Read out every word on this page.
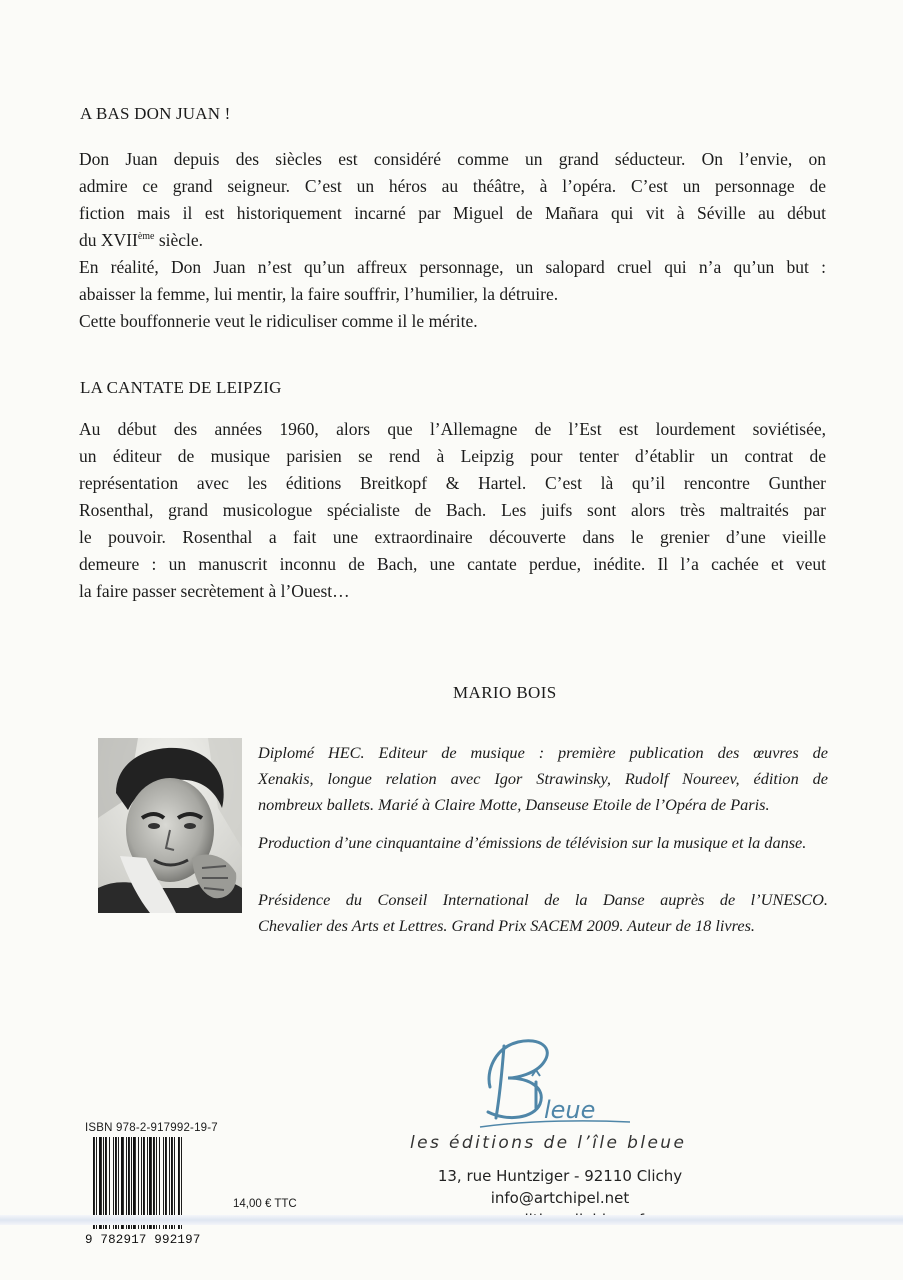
A BAS DON JUAN !
Don Juan depuis des siècles est considéré comme un grand séducteur. On l’envie, on
admire ce grand seigneur. C’est un héros au théâtre, à l’opéra. C’est un personnage de
fiction mais il est historiquement incarné par Miguel de Mañara qui vit à Séville au début
du XVIIème siècle.
En réalité, Don Juan n’est qu’un affreux personnage, un salopard cruel qui n’a qu’un but :
abaisser la femme, lui mentir, la faire souffrir, l’humilier, la détruire.
Cette bouffonnerie veut le ridiculiser comme il le mérite.
LA CANTATE DE LEIPZIG
Au début des années 1960, alors que l’Allemagne de l’Est est lourdement soviétisée,
un éditeur de musique parisien se rend à Leipzig pour tenter d’établir un contrat de
représentation avec les éditions Breitkopf & Hartel. C’est là qu’il rencontre Gunther
Rosenthal, grand musicologue spécialiste de Bach. Les juifs sont alors très maltraités par
le pouvoir. Rosenthal a fait une extraordinaire découverte dans le grenier d’une vieille
demeure : un manuscrit inconnu de Bach, une cantate perdue, inédite. Il l’a cachée et veut
la faire passer secrètement à l’Ouest…
MARIO BOIS
Diplomé HEC. Editeur de musique : première publication des œuvres de
Xenakis, longue relation avec Igor Strawinsky, Rudolf Noureev, édition de
nombreux ballets. Marié à Claire Motte, Danseuse Etoile de l’Opéra de Paris.
Production d’une cinquantaine d’émissions de télévision sur la musique et la danse.
Présidence du Conseil International de la Danse auprès de l’UNESCO.
Chevalier des Arts et Lettres. Grand Prix SACEM 2009. Auteur de 18 livres.
leue
les éditions de l’île bleue
13, rue Huntziger - 92110 Clichy
info@artchipel.net
ISBN 978-2-917992-19-7
9 782917 992197
14,00 € TTC
